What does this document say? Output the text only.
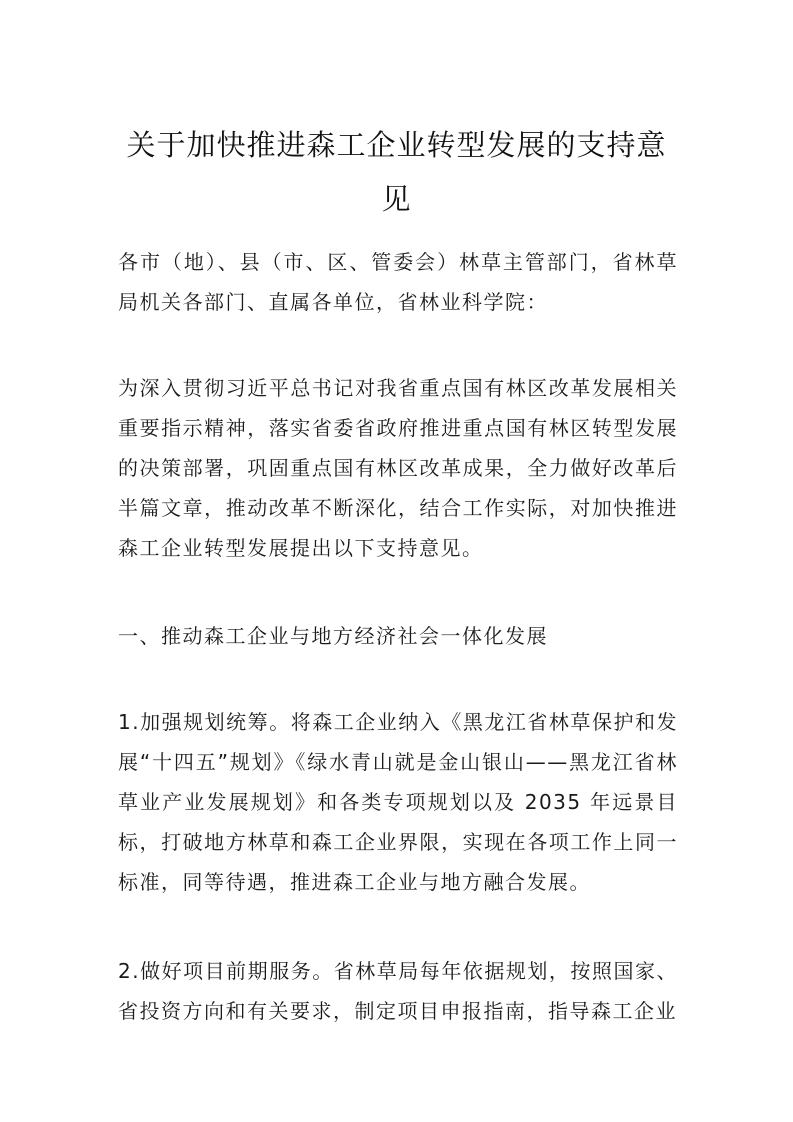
关于加快推进森工企业转型发展的支持意见

各市（地）、县（市、区、管委会）林草主管部门，省林草局机关各部门、直属各单位，省林业科学院：

为深入贯彻习近平总书记对我省重点国有林区改革发展相关重要指示精神，落实省委省政府推进重点国有林区转型发展的决策部署，巩固重点国有林区改革成果，全力做好改革后半篇文章，推动改革不断深化，结合工作实际，对加快推进森工企业转型发展提出以下支持意见。

一、推动森工企业与地方经济社会一体化发展

1.加强规划统筹。将森工企业纳入《黑龙江省林草保护和发展“十四五”规划》《绿水青山就是金山银山——黑龙江省林草业产业发展规划》和各类专项规划以及 2035 年远景目标，打破地方林草和森工企业界限，实现在各项工作上同一标准，同等待遇，推进森工企业与地方融合发展。

2.做好项目前期服务。省林草局每年依据规划，按照国家、省投资方向和有关要求，制定项目申报指南，指导森工企业
